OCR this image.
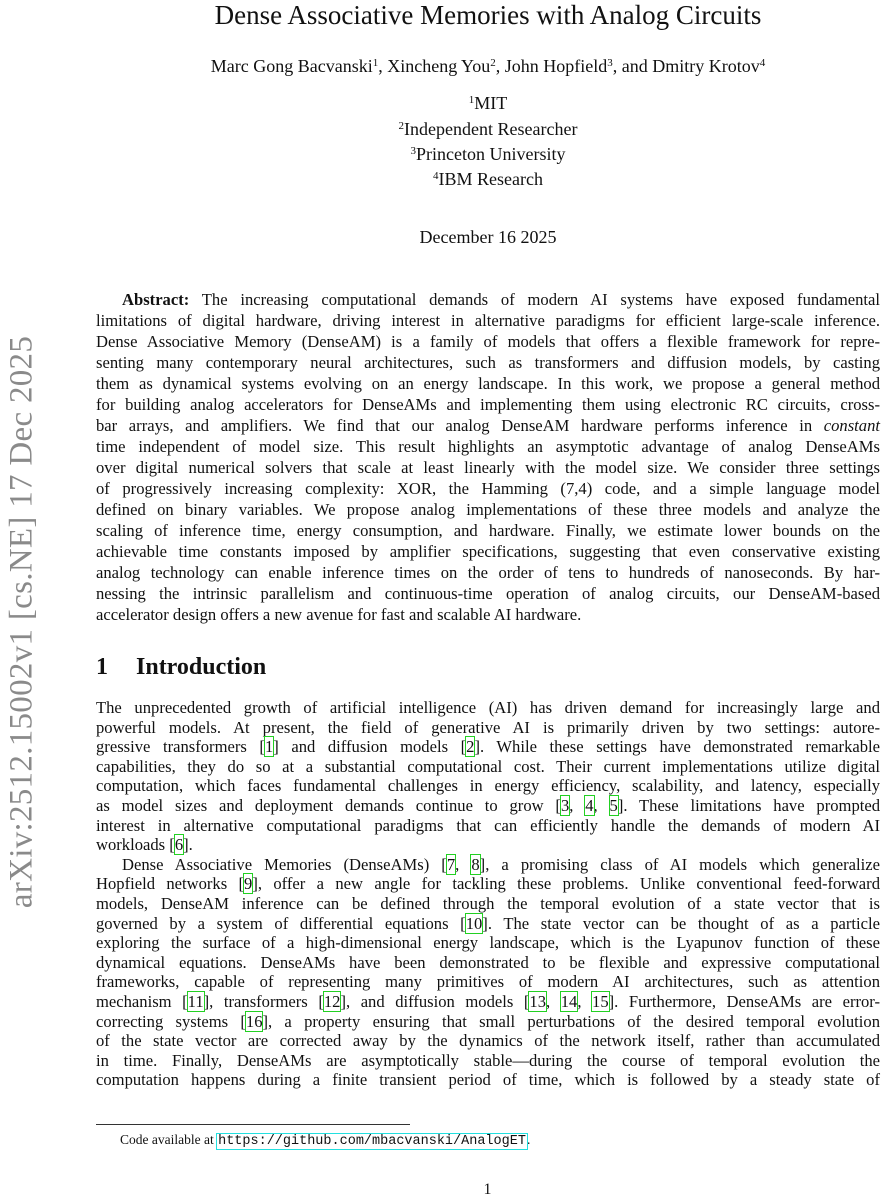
arXiv:2512.15002v1 [cs.NE] 17 Dec 2025
Dense Associative Memories with Analog Circuits
Marc Gong Bacvanski$^1$, Xincheng You$^2$, John Hopfield$^3$, and Dmitry Krotov$^4$
$^1$MIT
$^2$Independent Researcher
$^3$Princeton University
$^4$IBM Research
December 16 2025
Abstract: The increasing computational demands of modern AI systems have exposed fundamental
limitations of digital hardware, driving interest in alternative paradigms for efficient large-scale inference.
Dense Associative Memory (DenseAM) is a family of models that offers a flexible framework for repre-
senting many contemporary neural architectures, such as transformers and diffusion models, by casting
them as dynamical systems evolving on an energy landscape. In this work, we propose a general method
for building analog accelerators for DenseAMs and implementing them using electronic RC circuits, cross-
bar arrays, and amplifiers. We find that our analog DenseAM hardware performs inference in constant
time independent of model size. This result highlights an asymptotic advantage of analog DenseAMs
over digital numerical solvers that scale at least linearly with the model size. We consider three settings
of progressively increasing complexity: XOR, the Hamming (7,4) code, and a simple language model
defined on binary variables. We propose analog implementations of these three models and analyze the
scaling of inference time, energy consumption, and hardware. Finally, we estimate lower bounds on the
achievable time constants imposed by amplifier specifications, suggesting that even conservative existing
analog technology can enable inference times on the order of tens to hundreds of nanoseconds. By har-
nessing the intrinsic parallelism and continuous-time operation of analog circuits, our DenseAM-based
accelerator design offers a new avenue for fast and scalable AI hardware.
1 Introduction
The unprecedented growth of artificial intelligence (AI) has driven demand for increasingly large and
powerful models. At present, the field of generative AI is primarily driven by two settings: autore-
gressive transformers [1] and diffusion models [2]. While these settings have demonstrated remarkable
capabilities, they do so at a substantial computational cost. Their current implementations utilize digital
computation, which faces fundamental challenges in energy efficiency, scalability, and latency, especially
as model sizes and deployment demands continue to grow [3, 4, 5]. These limitations have prompted
interest in alternative computational paradigms that can efficiently handle the demands of modern AI
workloads [6].
Dense Associative Memories (DenseAMs) [7, 8], a promising class of AI models which generalize
Hopfield networks [9], offer a new angle for tackling these problems. Unlike conventional feed-forward
models, DenseAM inference can be defined through the temporal evolution of a state vector that is
governed by a system of differential equations [10]. The state vector can be thought of as a particle
exploring the surface of a high-dimensional energy landscape, which is the Lyapunov function of these
dynamical equations. DenseAMs have been demonstrated to be flexible and expressive computational
frameworks, capable of representing many primitives of modern AI architectures, such as attention
mechanism [11], transformers [12], and diffusion models [13, 14, 15]. Furthermore, DenseAMs are error-
correcting systems [16], a property ensuring that small perturbations of the desired temporal evolution
of the state vector are corrected away by the dynamics of the network itself, rather than accumulated
in time. Finally, DenseAMs are asymptotically stable—during the course of temporal evolution the
computation happens during a finite transient period of time, which is followed by a steady state of
Code available at https://github.com/mbacvanski/AnalogET.
1
